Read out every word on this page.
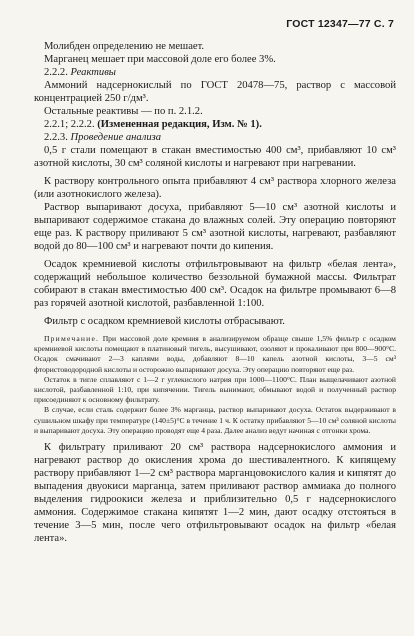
ГОСТ 12347—77 С. 7

Молибден определению не мешает.

Марганец мешает при массовой доле его более 3%.

2.2.2. Реактивы

Аммоний надсернокислый по ГОСТ 20478—75, раствор с массовой концентрацией 250 г/дм³.

Остальные реактивы — по п. 2.1.2.

2.2.1; 2.2.2. (Измененная редакция, Изм. № 1).

2.2.3. Проведение анализа

0,5 г стали помещают в стакан вместимостью 400 см³, прибавляют 10 см³ азотной кислоты, 30 см³ соляной кислоты и нагревают при нагревании.

К раствору контрольного опыта прибавляют 4 см³ раствора хлорного железа (или азотнокислого железа).

Раствор выпаривают досуха, прибавляют 5—10 см³ азотной кислоты и выпаривают содержимое стакана до влажных солей. Эту операцию повторяют еще раз. К раствору приливают 5 см³ азотной кислоты, нагревают, разбавляют водой до 80—100 см³ и нагревают почти до кипения.

Осадок кремниевой кислоты отфильтровывают на фильтр «белая лента», содержащий небольшое количество беззольной бумажной массы. Фильтрат собирают в стакан вместимостью 400 см³. Осадок на фильтре промывают 6—8 раз горячей азотной кислотой, разбавленной 1:100.

Фильтр с осадком кремниевой кислоты отбрасывают.

Примечание. При массовой доле кремния в анализируемом образце свыше 1,5% фильтр с осадком кремниевой кислоты помещают в платиновый тигель, высушивают, озоляют и прокаливают при 800—900°С. Осадок смачивают 2—3 каплями воды, добавляют 8—10 капель азотной кислоты, 3—5 см³ фтористоводородной кислоты и осторожно выпаривают досуха. Эту операцию повторяют еще раз.

Остаток в тигле сплавляют с 1—2 г углекислого натрия при 1000—1100°С. План выщелачивают азотной кислотой, разбавленной 1:10, при кипячении. Тигель вынимают, обмывают водой и полученный раствор присоединяют к основному фильтрату.

В случае, если сталь содержит более 3% марганца, раствор выпаривают досуха. Остаток выдерживают в сушильном шкафу при температуре (140±5)°С в течение 1 ч. К остатку прибавляют 5—10 см³ соляной кислоты и выпаривают досуха. Эту операцию проводят еще 4 раза. Далее анализ ведут начиная с отгонки хрома.

К фильтрату приливают 20 см³ раствора надсернокислого аммония и нагревают раствор до окисления хрома до шестивалентного. К кипящему раствору прибавляют 1—2 см³ раствора марганцовокислого калия и кипятят до выпадения двуокиси марганца, затем приливают раствор аммиака до полного выделения гидроокиси железа и приблизительно 0,5 г надсернокислого аммония. Содержимое стакана кипятят 1—2 мин, дают осадку отстояться в течение 3—5 мин, после чего отфильтровывают осадок на фильтр «белая лента».
